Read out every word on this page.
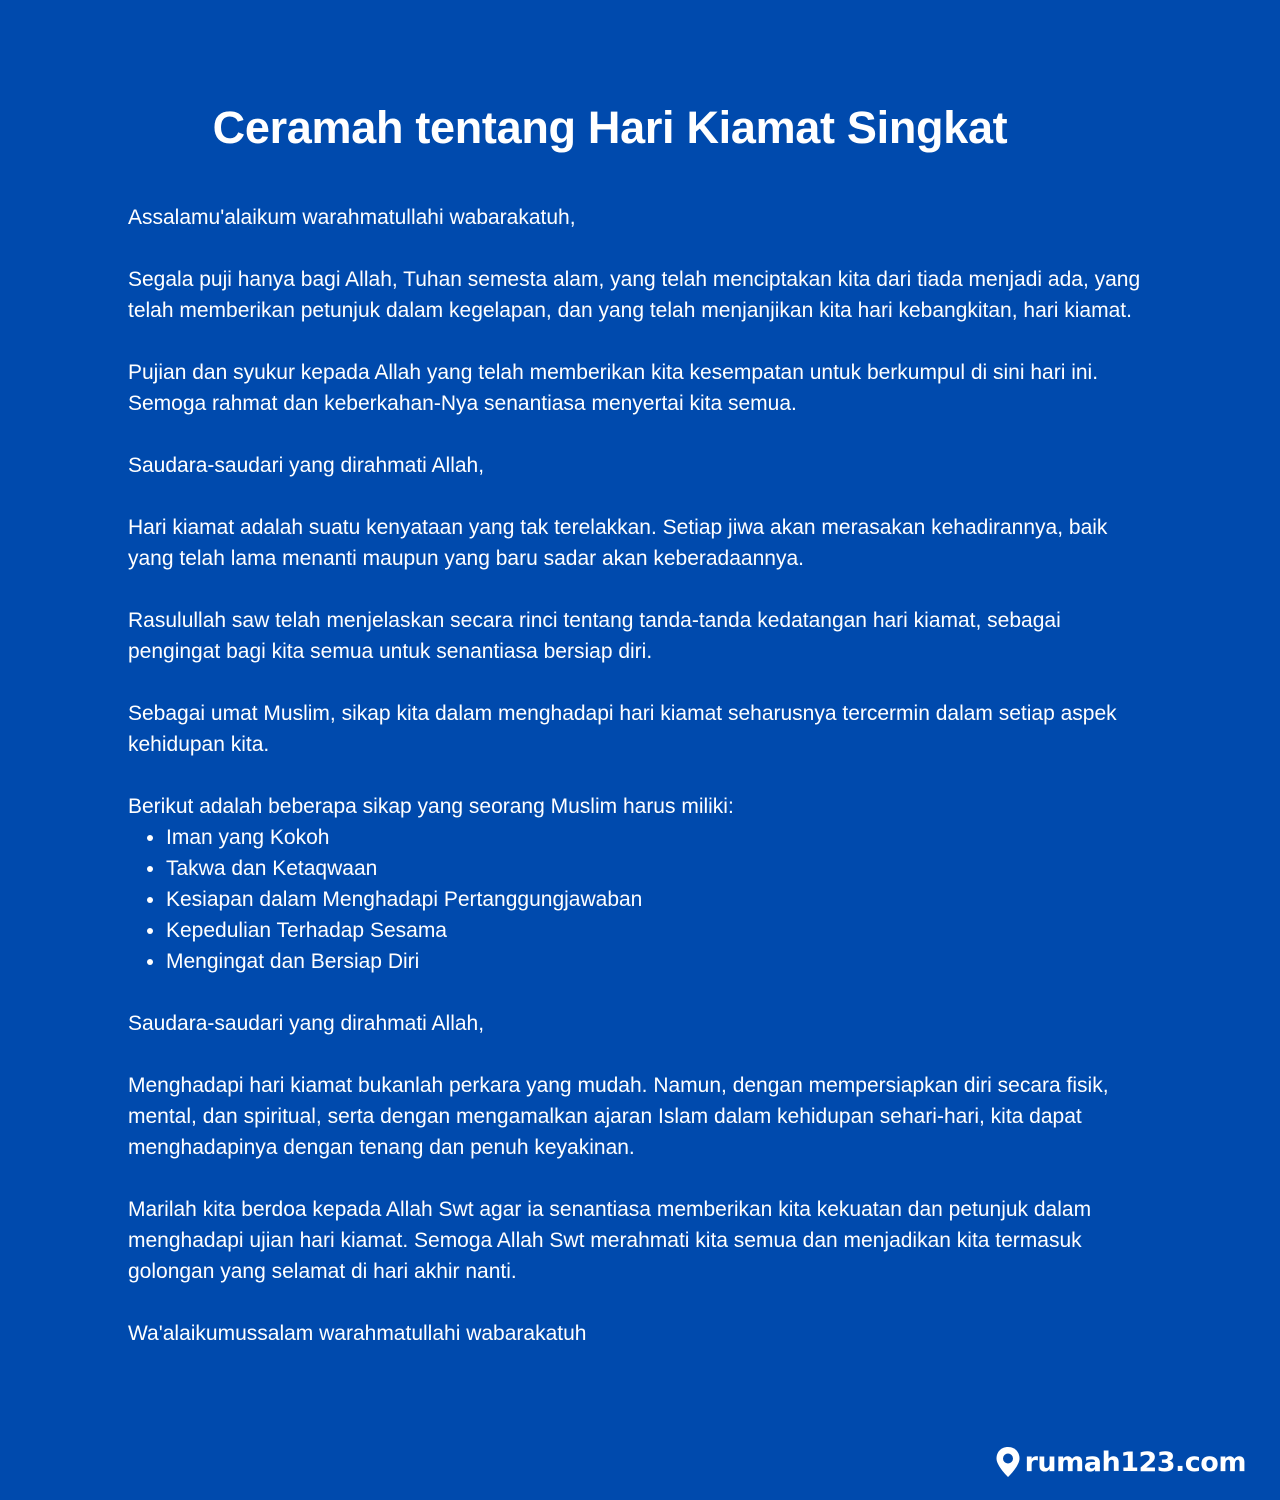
Ceramah tentang Hari Kiamat Singkat

Assalamu'alaikum warahmatullahi wabarakatuh,

Segala puji hanya bagi Allah, Tuhan semesta alam, yang telah menciptakan kita dari tiada menjadi ada, yang telah memberikan petunjuk dalam kegelapan, dan yang telah menjanjikan kita hari kebangkitan, hari kiamat.

Pujian dan syukur kepada Allah yang telah memberikan kita kesempatan untuk berkumpul di sini hari ini. Semoga rahmat dan keberkahan-Nya senantiasa menyertai kita semua.

Saudara-saudari yang dirahmati Allah,

Hari kiamat adalah suatu kenyataan yang tak terelakkan. Setiap jiwa akan merasakan kehadirannya, baik yang telah lama menanti maupun yang baru sadar akan keberadaannya.

Rasulullah saw telah menjelaskan secara rinci tentang tanda-tanda kedatangan hari kiamat, sebagai pengingat bagi kita semua untuk senantiasa bersiap diri.

Sebagai umat Muslim, sikap kita dalam menghadapi hari kiamat seharusnya tercermin dalam setiap aspek kehidupan kita.

Berikut adalah beberapa sikap yang seorang Muslim harus miliki:

• Iman yang Kokoh
• Takwa dan Ketaqwaan
• Kesiapan dalam Menghadapi Pertanggungjawaban
• Kepedulian Terhadap Sesama
• Mengingat dan Bersiap Diri

Saudara-saudari yang dirahmati Allah,

Menghadapi hari kiamat bukanlah perkara yang mudah. Namun, dengan mempersiapkan diri secara fisik, mental, dan spiritual, serta dengan mengamalkan ajaran Islam dalam kehidupan sehari-hari, kita dapat menghadapinya dengan tenang dan penuh keyakinan.

Marilah kita berdoa kepada Allah Swt agar ia senantiasa memberikan kita kekuatan dan petunjuk dalam menghadapi ujian hari kiamat. Semoga Allah Swt merahmati kita semua dan menjadikan kita termasuk golongan yang selamat di hari akhir nanti.

Wa'alaikumussalam warahmatullahi wabarakatuh

rumah123.com
